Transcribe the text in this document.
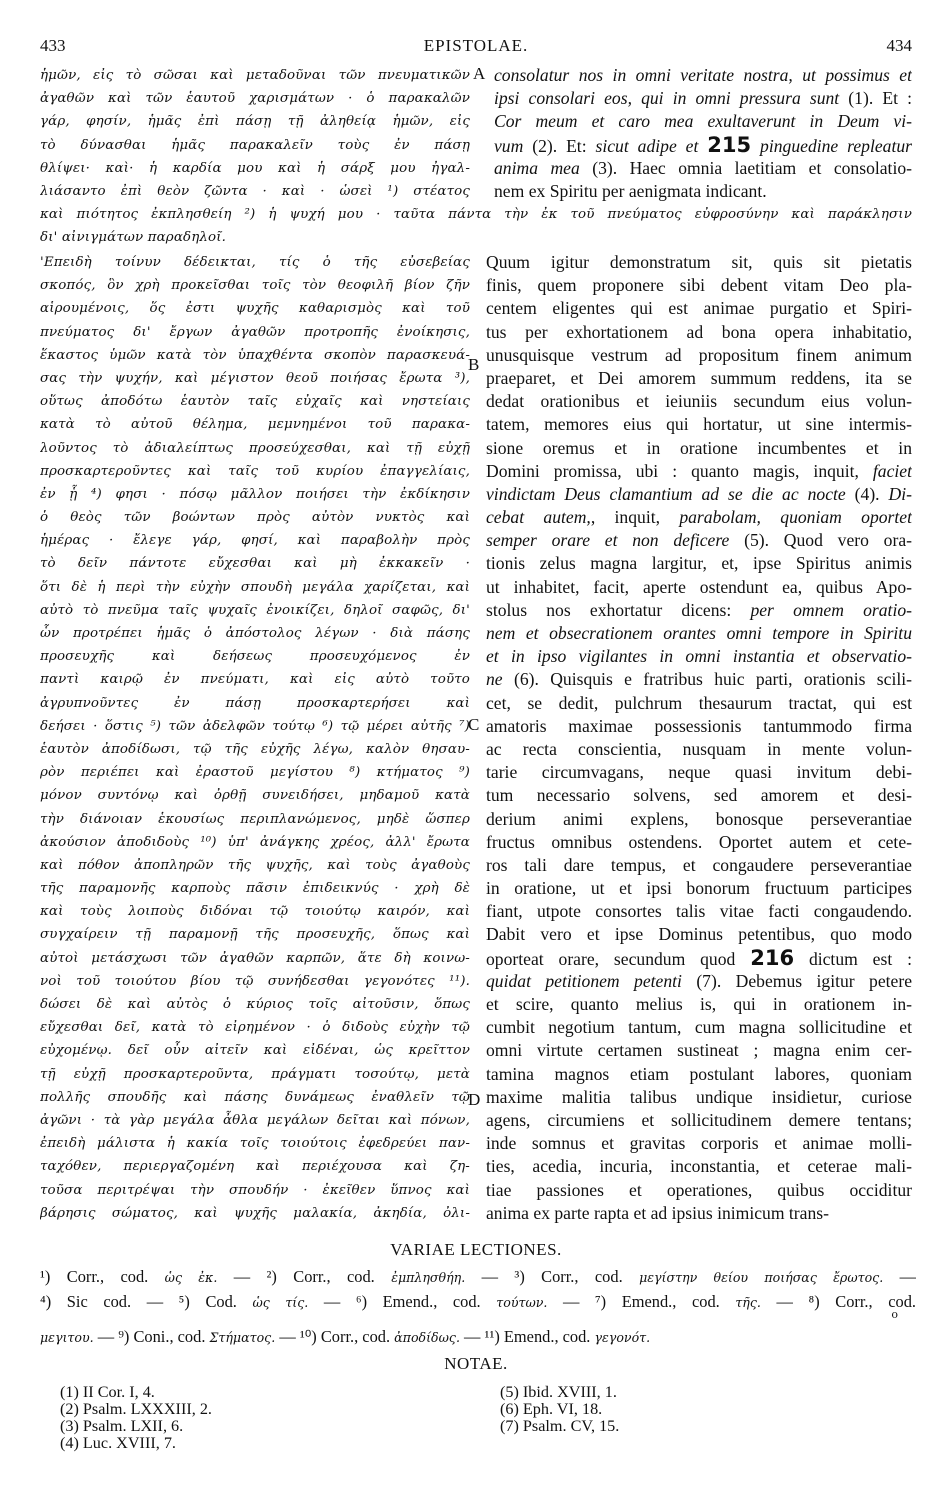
433	EPISTOLAE.	434
ἡμῶν, εἰς τὸ σῶσαι καὶ μεταδοῦναι τῶν πνευματικῶν
ἀγαθῶν καὶ τῶν ἑαυτοῦ χαρισμάτων · ὁ παρακαλῶν
γάρ, φησίν, ἡμᾶς ἐπὶ πάσῃ τῇ ἀληθείᾳ ἡμῶν, εἰς
τὸ δύνασθαι ἡμᾶς παρακαλεῖν τοὺς ἐν πάσῃ
θλίψει· καὶ· ἡ καρδία μου καὶ ἡ σάρξ μου ἠγαλ-
λιάσαντο ἐπὶ θεὸν ζῶντα · καὶ · ὡσεὶ ¹) στέατος
consolatur nos in omni veritate nostra, ut possimus et
ipsi consolari eos, qui in omni pressura sunt (1). Et :
Cor meum et caro mea exultaverunt in Deum vi-
vum (2). Et: sicut adipe et 215 pinguedine repleatur
anima mea (3). Haec omnia laetitiam et consolatio-
nem ex Spiritu per aenigmata indicant.
καὶ πιότητος ἐκπλησθείη ²) ἡ ψυχή μου · ταῦτα πάντα τὴν ἐκ τοῦ πνεύματος εὐφροσύνην καὶ παράκλησιν
δι' αἰνιγμάτων παραδηλοῖ.
'Επειδὴ τοίνυν δέδεικται, τίς ὁ τῆς εὐσεβείας
σκοπός, ὃν χρὴ προκεῖσθαι τοῖς τὸν θεοφιλῆ βίον ζῆν
αἱρουμένοις, ὅς ἐστι ψυχῆς καθαρισμὸς καὶ τοῦ
πνεύματος δι' ἔργων ἀγαθῶν προτροπῆς ἐνοίκησις,
ἕκαστος ὑμῶν κατὰ τὸν ὑπαχθέντα σκοπὸν παρασκευά-
σας τὴν ψυχήν, καὶ μέγιστον θεοῦ ποιήσας ἔρωτα ³),
οὕτως ἀποδότω ἑαυτὸν ταῖς εὐχαῖς καὶ νηστείαις
κατὰ τὸ αὐτοῦ θέλημα, μεμνημένοι τοῦ παρακα-
λοῦντος τὸ ἀδιαλείπτως προσεύχεσθαι, καὶ τῇ εὐχῇ
προσκαρτεροῦντες καὶ ταῖς τοῦ κυρίου ἐπαγγελίαις,
ἐν ᾗ ⁴) φησι · πόσῳ μᾶλλον ποιήσει τὴν ἐκδίκησιν
ὁ θεὸς τῶν βοώντων πρὸς αὐτὸν νυκτὸς καὶ
ἡμέρας · ἔλεγε γάρ, φησί, καὶ παραβολὴν πρὸς
τὸ δεῖν πάντοτε εὔχεσθαι καὶ μὴ ἐκκακεῖν ·
ὅτι δὲ ἡ περὶ τὴν εὐχὴν σπουδὴ μεγάλα χαρίζεται, καὶ
αὐτὸ τὸ πνεῦμα ταῖς ψυχαῖς ἐνοικίζει, δηλοῖ σαφῶς, δι'
ὧν προτρέπει ἡμᾶς ὁ ἀπόστολος λέγων · διὰ πάσης
προσευχῆς καὶ δεήσεως προσευχόμενος ἐν
παντὶ καιρῷ ἐν πνεύματι, καὶ εἰς αὐτὸ τοῦτο
ἀγρυπνοῦντες ἐν πάσῃ προσκαρτερήσει καὶ
δεήσει · ὅστις ⁵) τῶν ἀδελφῶν τούτῳ ⁶) τῷ μέρει αὐτῆς ⁷)
ἑαυτὸν ἀποδίδωσι, τῷ τῆς εὐχῆς λέγω, καλὸν θησαυ-
ρὸν περιέπει καὶ ἐραστοῦ μεγίστου ⁸) κτήματος ⁹)
μόνον συντόνῳ καὶ ὀρθῇ συνειδήσει, μηδαμοῦ κατὰ
τὴν διάνοιαν ἑκουσίως περιπλανώμενος, μηδὲ ὥσπερ
ἀκούσιον ἀποδιδοὺς ¹⁰) ὑπ' ἀνάγκης χρέος, ἀλλ' ἔρωτα
καὶ πόθον ἀποπληρῶν τῆς ψυχῆς, καὶ τοὺς ἀγαθοὺς
τῆς παραμονῆς καρποὺς πᾶσιν ἐπιδεικνύς · χρὴ δὲ
καὶ τοὺς λοιποὺς διδόναι τῷ τοιούτῳ καιρόν, καὶ
συγχαίρειν τῇ παραμονῇ τῆς προσευχῆς, ὅπως καὶ
αὐτοὶ μετάσχωσι τῶν ἀγαθῶν καρπῶν, ἅτε δὴ κοινω-
νοὶ τοῦ τοιούτου βίου τῷ συνήδεσθαι γεγονότες ¹¹).
δώσει δὲ καὶ αὐτὸς ὁ κύριος τοῖς αἰτοῦσιν, ὅπως
εὔχεσθαι δεῖ, κατὰ τὸ εἰρημένον · ὁ διδοὺς εὐχὴν τῷ
εὐχομένῳ. δεῖ οὖν αἰτεῖν καὶ εἰδέναι, ὡς κρεῖττον
τῇ εὐχῇ προσκαρτεροῦντα, πράγματι τοσούτῳ, μετὰ
πολλῆς σπουδῆς καὶ πάσης δυνάμεως ἐναθλεῖν τῷ
ἀγῶνι · τὰ γὰρ μεγάλα ἆθλα μεγάλων δεῖται καὶ πόνων,
ἐπειδὴ μάλιστα ἡ κακία τοῖς τοιούτοις ἐφεδρεύει παν-
ταχόθεν, περιεργαζομένη καὶ περιέχουσα καὶ ζη-
τοῦσα περιτρέψαι τὴν σπουδήν · ἐκεῖθεν ὕπνος καὶ
βάρησις σώματος, καὶ ψυχῆς μαλακία, ἀκηδία, ὀλι-
Quum igitur demonstratum sit, quis sit pietatis
finis, quem proponere sibi debent vitam Deo pla-
centem eligentes qui est animae purgatio et Spiri-
tus per exhortationem ad bona opera inhabitatio,
unusquisque vestrum ad propositum finem animum
praeparet, et Dei amorem summum reddens, ita se
dedat orationibus et ieiuniis secundum eius volun-
tatem, memores eius qui hortatur, ut sine intermis-
sione oremus et in oratione incumbentes et in
Domini promissa, ubi : quanto magis, inquit, faciet
vindictam Deus clamantium ad se die ac nocte (4). Di-
cebat autem,, inquit, parabolam, quoniam oportet
semper orare et non deficere (5). Quod vero ora-
tionis zelus magna largitur, et, ipse Spiritus animis
ut inhabitet, facit, aperte ostendunt ea, quibus Apo-
stolus nos exhortatur dicens: per omnem oratio-
nem et obsecrationem orantes omni tempore in Spiritu
et in ipso vigilantes in omni instantia et observatio-
ne (6). Quisquis e fratribus huic parti, orationis scili-
cet, se dedit, pulchrum thesaurum tractat, qui est
amatoris maximae possessionis tantummodo firma
ac recta conscientia, nusquam in mente volun-
tarie circumvagans, neque quasi invitum debi-
tum necessario solvens, sed amorem et desi-
derium animi explens, bonosque perseverantiae
fructus omnibus ostendens. Oportet autem et cete-
ros tali dare tempus, et congaudere perseverantiae
in oratione, ut et ipsi bonorum fructuum participes
fiant, utpote consortes talis vitae facti congaudendo.
Dabit vero et ipse Dominus petentibus, quo modo
oporteat orare, secundum quod 216 dictum est :
quidat petitionem petenti (7). Debemus igitur petere
et scire, quanto melius is, qui in orationem in-
cumbit negotium tantum, cum magna sollicitudine et
omni virtute certamen sustineat ; magna enim cer-
tamina magnos etiam postulant labores, quoniam
maxime malitia talibus undique insidietur, curiose
agens, circumiens et sollicitudinem demere tentans;
inde somnus et gravitas corporis et animae molli-
ties, acedia, incuria, inconstantia, et ceterae mali-
tiae passiones et operationes, quibus occiditur
anima ex parte rapta et ad ipsius inimicum trans-
A
B
C
D
VARIAE LECTIONES.
¹) Corr., cod. ὡς ἐκ. — ²) Corr., cod. ἐμπλησθήη. — ³) Corr., cod. μεγίστην θείου ποιήσας ἔρωτος. —
⁴) Sic cod. — ⁵) Cod. ὡς τίς. — ⁶) Emend., cod. τούτων. — ⁷) Emend., cod. τῆς. — ⁸) Corr., cod.
ο
μεγιτου. — ⁹) Coni., cod. Στήματος. — ¹⁰) Corr., cod. ἀποδίδως. — ¹¹) Emend., cod. γεγονότ.
NOTAE.
(1) II Cor. I, 4.
(2) Psalm. LXXXIII, 2.
(3) Psalm. LXII, 6.
(4) Luc. XVIII, 7.
(5) Ibid. XVIII, 1.
(6) Eph. VI, 18.
(7) Psalm. CV, 15.
